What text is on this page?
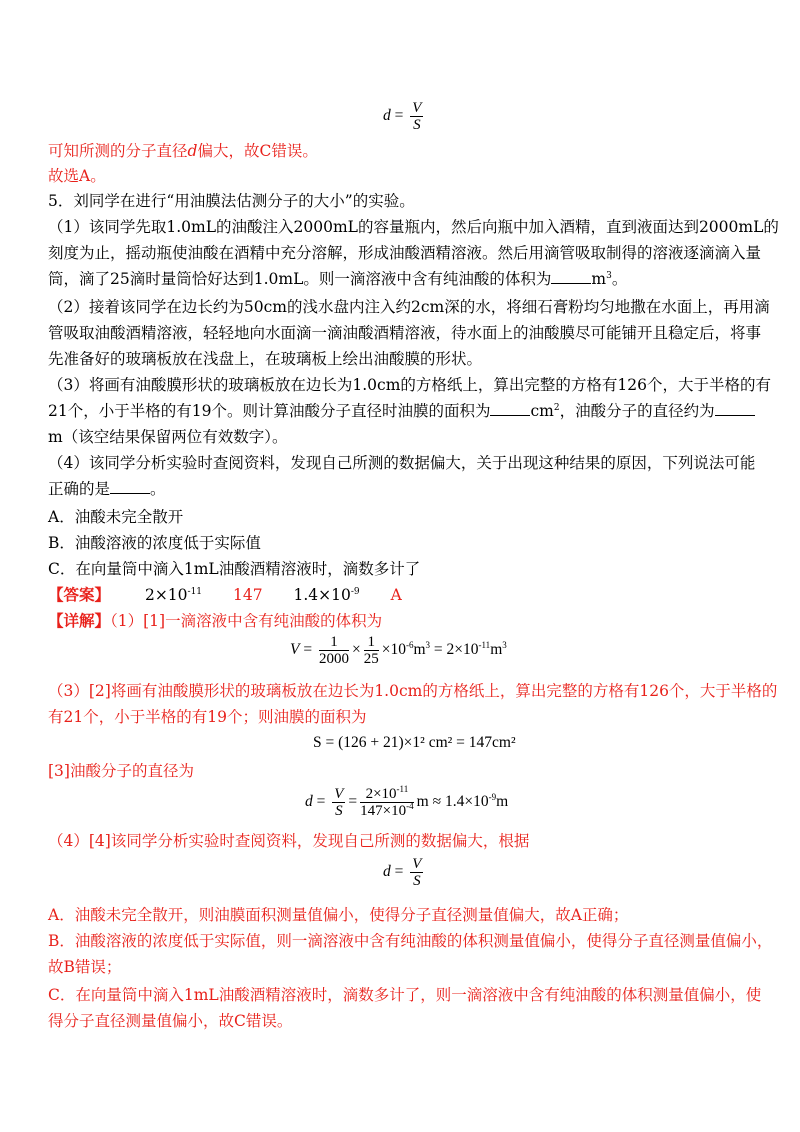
$d = \frac{V}{S}$
可知所测的分子直径d偏大，故C错误。
故选A。
5．刘同学在进行“用油膜法估测分子的大小”的实验。
（1）该同学先取1.0mL的油酸注入2000mL的容量瓶内，然后向瓶中加入酒精，直到液面达到2000mL的
刻度为止，摇动瓶使油酸在酒精中充分溶解，形成油酸酒精溶液。然后用滴管吸取制得的溶液逐滴滴入量
筒，滴了25滴时量筒恰好达到1.0mL。则一滴溶液中含有纯油酸的体积为	$m^3$。
（2）接着该同学在边长约为50cm的浅水盘内注入约2cm深的水，将细石膏粉均匀地撒在水面上，再用滴
管吸取油酸酒精溶液，轻轻地向水面滴一滴油酸酒精溶液，待水面上的油酸膜尽可能铺开且稳定后，将事
先准备好的玻璃板放在浅盘上，在玻璃板上绘出油酸膜的形状。
（3）将画有油酸膜形状的玻璃板放在边长为1.0cm的方格纸上，算出完整的方格有126个，大于半格的有
21个，小于半格的有19个。则计算油酸分子直径时油膜的面积为	$cm^2$，油酸分子的直径约为
m（该空结果保留两位有效数字）。
（4）该同学分析实验时查阅资料，发现自己所测的数据偏大，关于出现这种结果的原因，下列说法可能
正确的是	。
A．油酸未完全散开
B．油酸溶液的浓度低于实际值
C．在向量筒中滴入1mL油酸酒精溶液时，滴数多计了
【答案】 $2\times 10^{-11}$ 147 $1.4\times 10^{-9}$ A
【详解】（1）[1]一滴溶液中含有纯油酸的体积为
$V = \frac{1}{2000} \times \frac{1}{25} \times 10^{-6}m^3 = 2\times 10^{-11}m^3$
（3）[2]将画有油酸膜形状的玻璃板放在边长为1.0cm的方格纸上，算出完整的方格有126个，大于半格的
有21个，小于半格的有19个；则油膜的面积为
S = (126 + 21)×1² cm² = 147cm²
[3]油酸分子的直径为
$d = \frac{V}{S} = \frac{2\times 10^{-11}}{147\times 10^{-4}}$ $m \approx 1.4\times 10^{-9}m$
（4）[4]该同学分析实验时查阅资料，发现自己所测的数据偏大，根据
$d = \frac{V}{S}$
A．油酸未完全散开，则油膜面积测量值偏小，使得分子直径测量值偏大，故A正确；
B．油酸溶液的浓度低于实际值，则一滴溶液中含有纯油酸的体积测量值偏小，使得分子直径测量值偏小，
故B错误；
C．在向量筒中滴入1mL油酸酒精溶液时，滴数多计了，则一滴溶液中含有纯油酸的体积测量值偏小，使
得分子直径测量值偏小，故C错误。
